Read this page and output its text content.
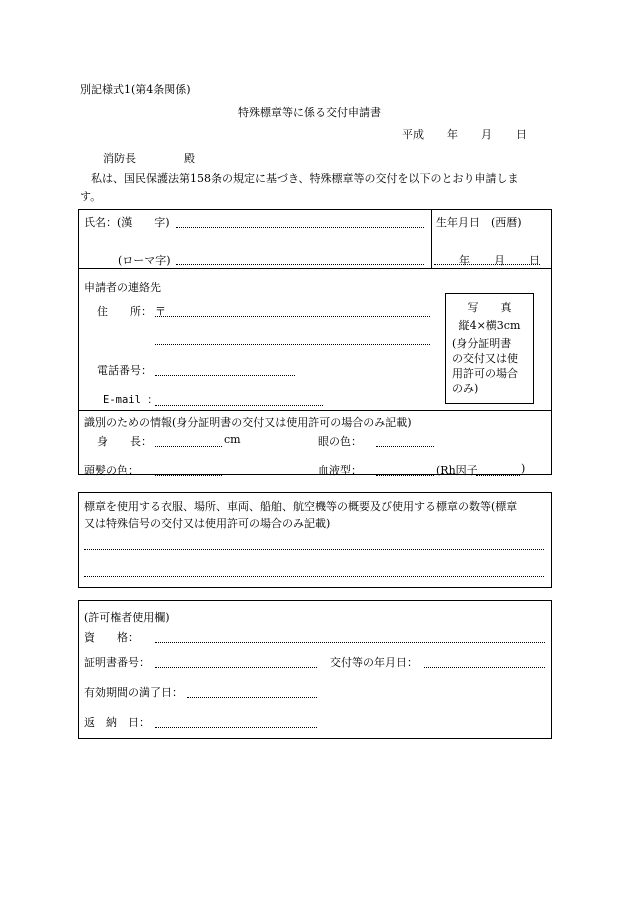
別記様式1(第4条関係)
特殊標章等に係る交付申請書
平成 年 月 日
消防長	殿
私は、国民保護法第158条の規定に基づき、特殊標章等の交付を以下のとおり申請しま
す。
氏名：(漢　　字)
(ローマ字)
生年月日　(西暦)
年 月 日
申請者の連絡先
住　　所： 〒
電話番号：
E-mail ：
写　　真
縦4×横3cm
(身分証明書
の交付又は使
用許可の場合
のみ)
識別のための情報(身分証明書の交付又は使用許可の場合のみ記載)
身　　長：	cm	眼の色：
頭髪の色：	血液型：	(Rh因子	)
標章を使用する衣服、場所、車両、船舶、航空機等の概要及び使用する標章の数等(標章
又は特殊信号の交付又は使用許可の場合のみ記載)
(許可権者使用欄)
資　　格：
証明書番号：	交付等の年月日：
有効期間の満了日：
返　納　日：
